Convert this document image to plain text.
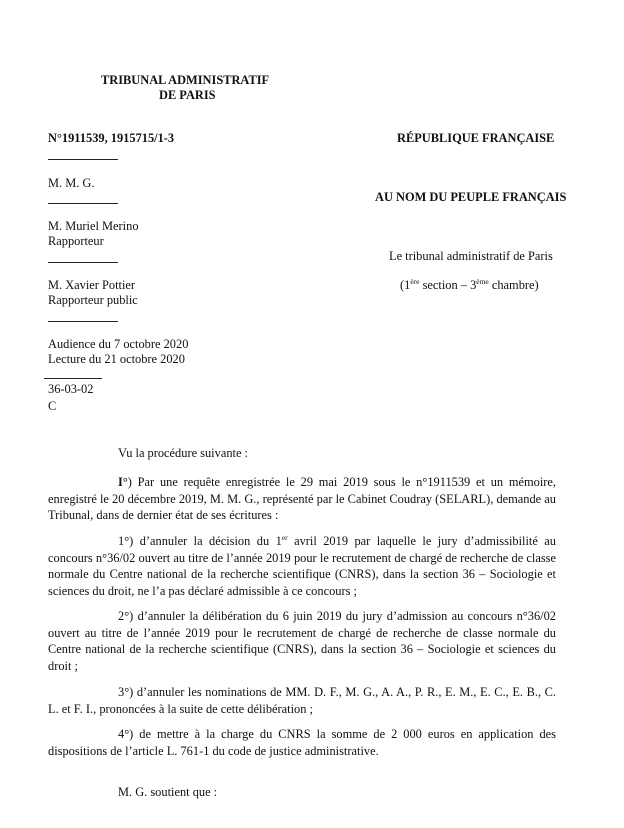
TRIBUNAL ADMINISTRATIF
DE PARIS
N°1911539, 1915715/1-3	RÉPUBLIQUE FRANÇAISE
M. M. G.
AU NOM DU PEUPLE FRANÇAIS
M. Muriel Merino
Rapporteur
Le tribunal administratif de Paris
M. Xavier Pottier
Rapporteur public
(1ère section – 3ème chambre)
Audience du 7 octobre 2020
Lecture du 21 octobre 2020
36-03-02
C
Vu la procédure suivante :

I°) Par une requête enregistrée le 29 mai 2019 sous le n°1911539 et un mémoire, enregistré le 20 décembre 2019, M. M. G., représenté par le Cabinet Coudray (SELARL), demande au Tribunal, dans de dernier état de ses écritures :

1°) d’annuler la décision du 1er avril 2019 par laquelle le jury d’admissibilité au concours n°36/02 ouvert au titre de l’année 2019 pour le recrutement de chargé de recherche de classe normale du Centre national de la recherche scientifique (CNRS), dans la section 36 – Sociologie et sciences du droit, ne l’a pas déclaré admissible à ce concours ;

2°) d’annuler la délibération du 6 juin 2019 du jury d’admission au concours n°36/02 ouvert au titre de l’année 2019 pour le recrutement de chargé de recherche de classe normale du Centre national de la recherche scientifique (CNRS), dans la section 36 – Sociologie et sciences du droit ;

3°) d’annuler les nominations de MM. D. F., M. G., A. A., P. R., E. M., E. C., E. B., C. L. et F. I., prononcées à la suite de cette délibération ;

4°) de mettre à la charge du CNRS la somme de 2 000 euros en application des dispositions de l’article L. 761-1 du code de justice administrative.

M. G. soutient que :
